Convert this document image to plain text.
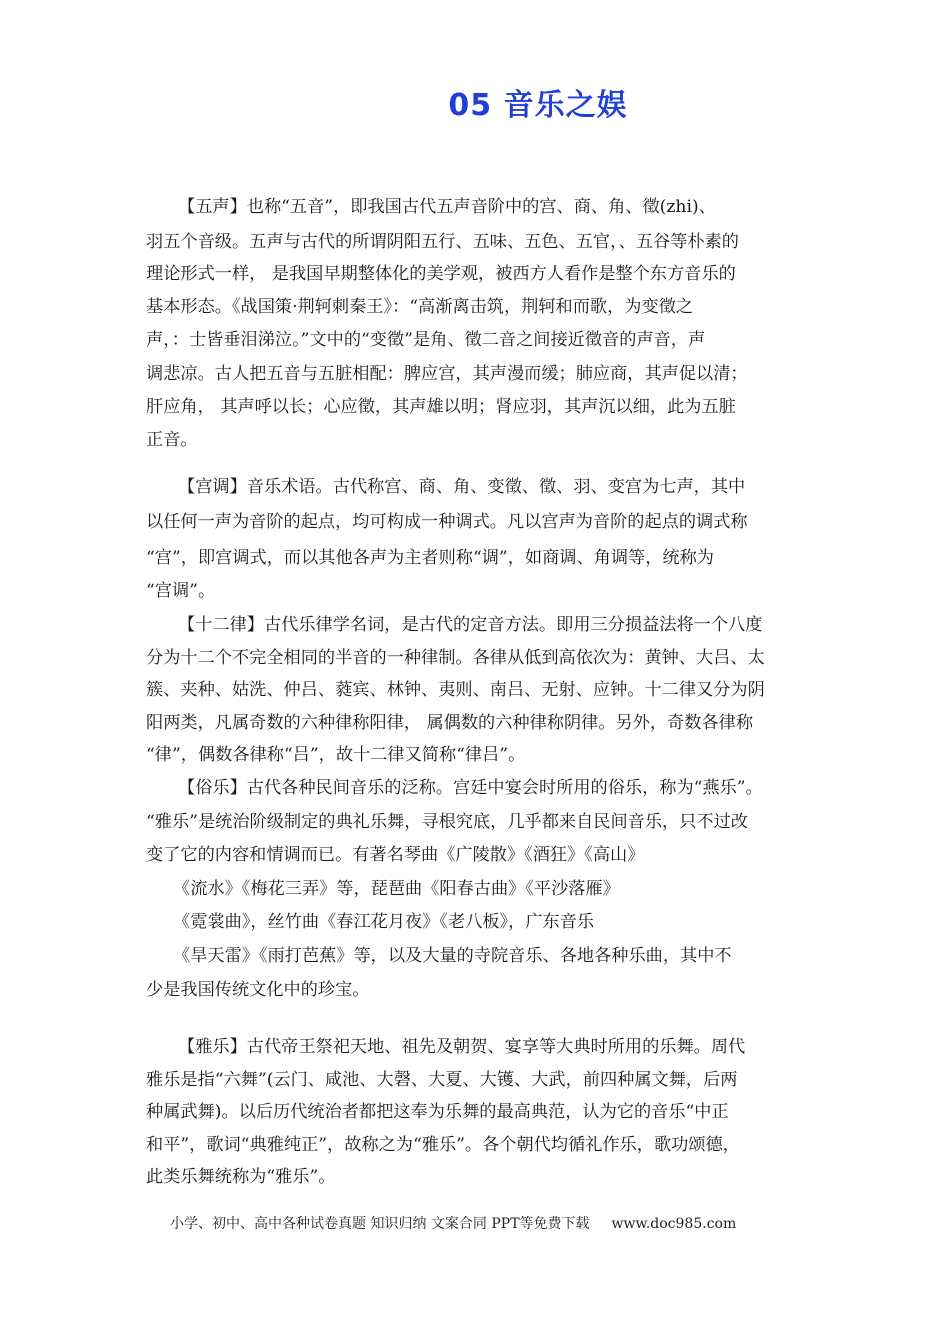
05 音乐之娱
【五声】也称“五音”，即我国古代五声音阶中的宫、商、角、徵(zhi)、
羽五个音级。五声与古代的所谓阴阳五行、五味、五色、五官，、五谷等朴素的
理论形式一样， 是我国早期整体化的美学观，被西方人看作是整个东方音乐的
基本形态。《战国策·荆轲刺秦王》：“高渐离击筑，荆轲和而歌，为变徵之
声，：士皆垂泪涕泣。”文中的“变徵”是角、徵二音之间接近徵音的声音，声
调悲凉。古人把五音与五脏相配：脾应宫，其声漫而缓；肺应商，其声促以清；
肝应角， 其声呼以长；心应徵，其声雄以明；肾应羽，其声沉以细，此为五脏
正音。
【宫调】音乐术语。古代称宫、商、角、变徵、徵、羽、变宫为七声，其中
以任何一声为音阶的起点，均可构成一种调式。凡以宫声为音阶的起点的调式称
“宫”，即宫调式，而以其他各声为主者则称“调”，如商调、角调等，统称为
“宫调”。
【十二律】古代乐律学名词，是古代的定音方法。即用三分损益法将一个八度
分为十二个不完全相同的半音的一种律制。各律从低到高依次为：黄钟、大吕、太
簇、夹种、姑洗、仲吕、蕤宾、林钟、夷则、南吕、无射、应钟。十二律又分为阴
阳两类，凡属奇数的六种律称阳律， 属偶数的六种律称阴律。另外，奇数各律称
“律”，偶数各律称“吕”，故十二律又简称“律吕”。
【俗乐】古代各种民间音乐的泛称。宫廷中宴会时所用的俗乐，称为“燕乐”。
“雅乐”是统治阶级制定的典礼乐舞，寻根究底，几乎都来自民间音乐，只不过改
变了它的内容和情调而已。有著名琴曲《广陵散》《酒狂》《高山》
《流水》《梅花三弄》等，琵琶曲《阳春古曲》《平沙落雁》
《霓裳曲》，丝竹曲《春江花月夜》《老八板》，广东音乐
《旱天雷》《雨打芭蕉》等，以及大量的寺院音乐、各地各种乐曲，其中不
少是我国传统文化中的珍宝。
【雅乐】古代帝王祭祀天地、祖先及朝贺、宴享等大典时所用的乐舞。周代
雅乐是指“六舞”(云门、咸池、大磬、大夏、大镬、大武，前四种属文舞，后两
种属武舞)。以后历代统治者都把这奉为乐舞的最高典范，认为它的音乐“中正
和平”，歌词“典雅纯正”，故称之为“雅乐”。各个朝代均循礼作乐，歌功颂德，
此类乐舞统称为“雅乐”。
小学、初中、高中各种试卷真题 知识归纳 文案合同 PPT等免费下载 www.doc985.com
